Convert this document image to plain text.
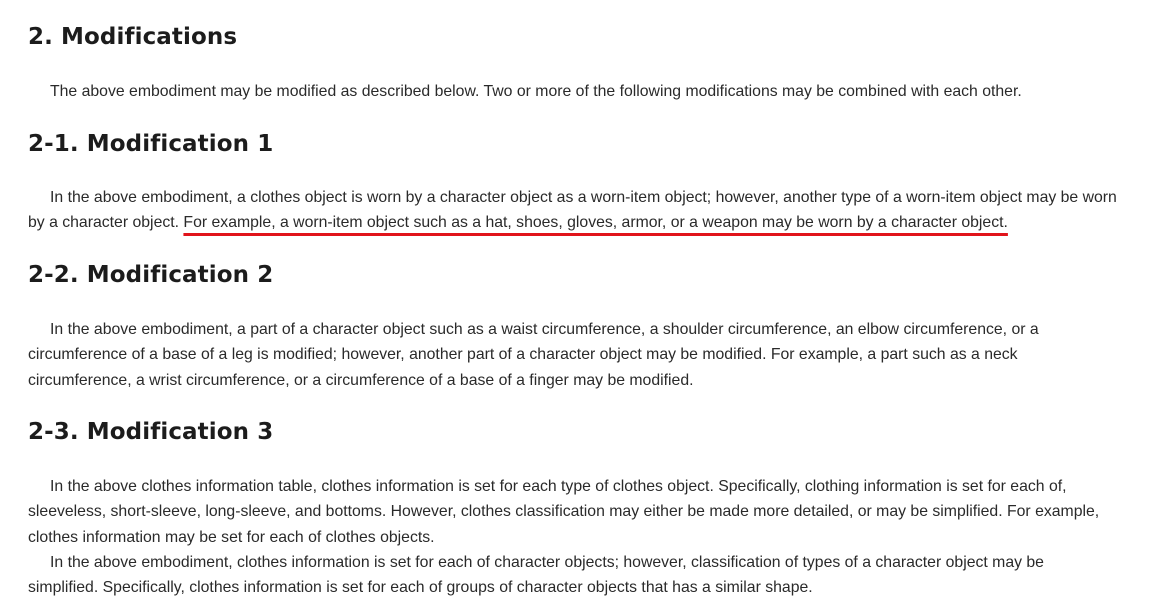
2. Modifications

The above embodiment may be modified as described below. Two or more of the following modifications may be combined with each other.

2-1. Modification 1

In the above embodiment, a clothes object is worn by a character object as a worn-item object; however, another type of a worn-item object may be worn by a character object. For example, a worn-item object such as a hat, shoes, gloves, armor, or a weapon may be worn by a character object.

2-2. Modification 2

In the above embodiment, a part of a character object such as a waist circumference, a shoulder circumference, an elbow circumference, or a circumference of a base of a leg is modified; however, another part of a character object may be modified. For example, a part such as a neck circumference, a wrist circumference, or a circumference of a base of a finger may be modified.

2-3. Modification 3

In the above clothes information table, clothes information is set for each type of clothes object. Specifically, clothing information is set for each of, sleeveless, short-sleeve, long-sleeve, and bottoms. However, clothes classification may either be made more detailed, or may be simplified. For example, clothes information may be set for each of clothes objects.

In the above embodiment, clothes information is set for each of character objects; however, classification of types of a character object may be simplified. Specifically, clothes information is set for each of groups of character objects that has a similar shape.
